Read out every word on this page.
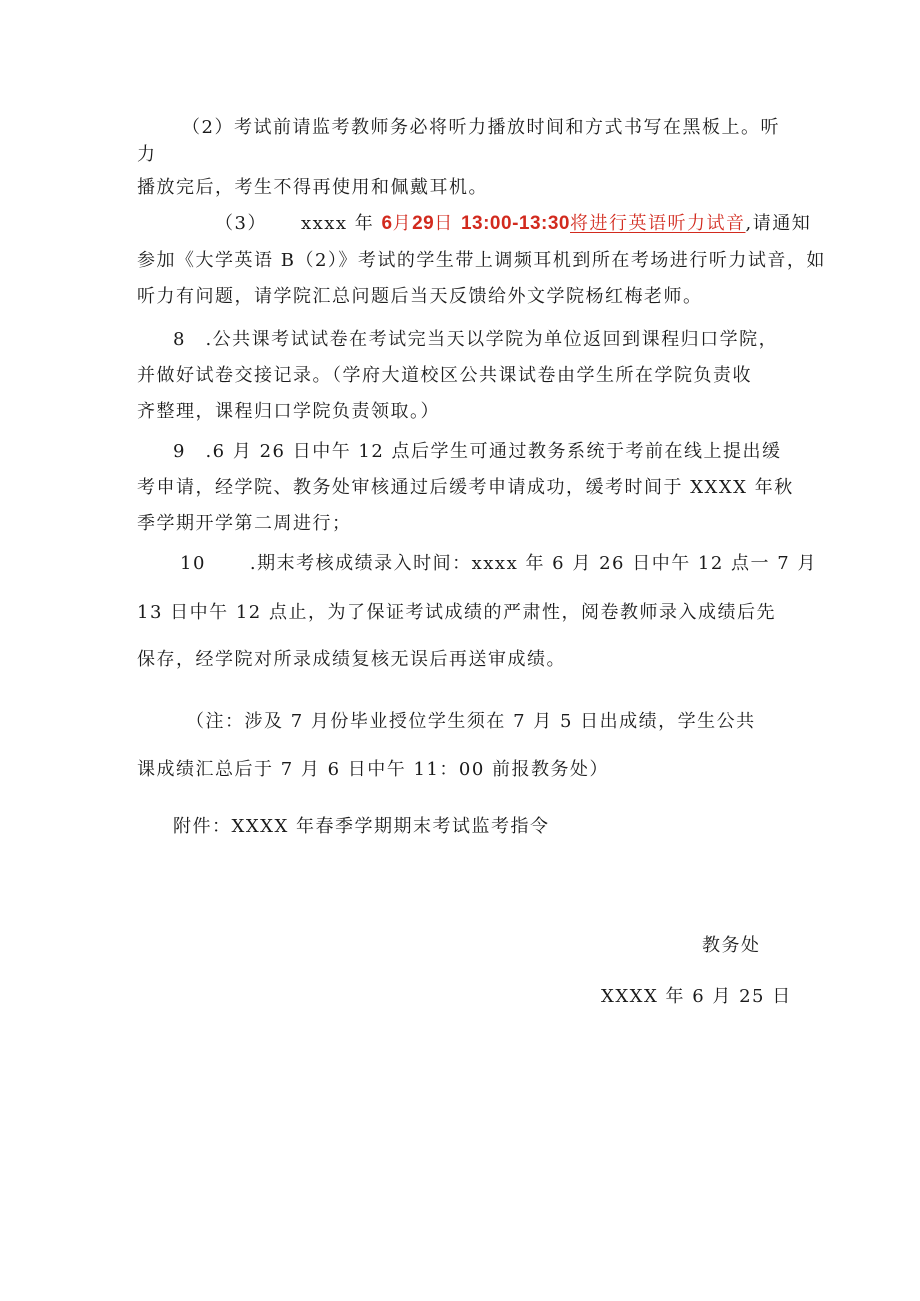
（2）考试前请监考教师务必将听力播放时间和方式书写在黑板上。听
力
播放完后，考生不得再使用和佩戴耳机。
（3） xxxx 年 6月29日 13:00-13:30将进行英语听力试音,请通知
参加《大学英语 B（2）》考试的学生带上调频耳机到所在考场进行听力试音，如
听力有问题，请学院汇总问题后当天反馈给外文学院杨红梅老师。
8　.公共课考试试卷在考试完当天以学院为单位返回到课程归口学院，
并做好试卷交接记录。（学府大道校区公共课试卷由学生所在学院负责收
齐整理，课程归口学院负责领取。）
9　.6 月 26 日中午 12 点后学生可通过教务系统于考前在线上提出缓
考申请，经学院、教务处审核通过后缓考申请成功，缓考时间于 XXXX 年秋
季学期开学第二周进行；
10 .期末考核成绩录入时间：xxxx 年 6 月 26 日中午 12 点一 7 月
13 日中午 12 点止，为了保证考试成绩的严肃性，阅卷教师录入成绩后先
保存，经学院对所录成绩复核无误后再送审成绩。
（注：涉及 7 月份毕业授位学生须在 7 月 5 日出成绩，学生公共
课成绩汇总后于 7 月 6 日中午 11：00 前报教务处）
附件：XXXX 年春季学期期末考试监考指令
教务处
XXXX 年 6 月 25 日
